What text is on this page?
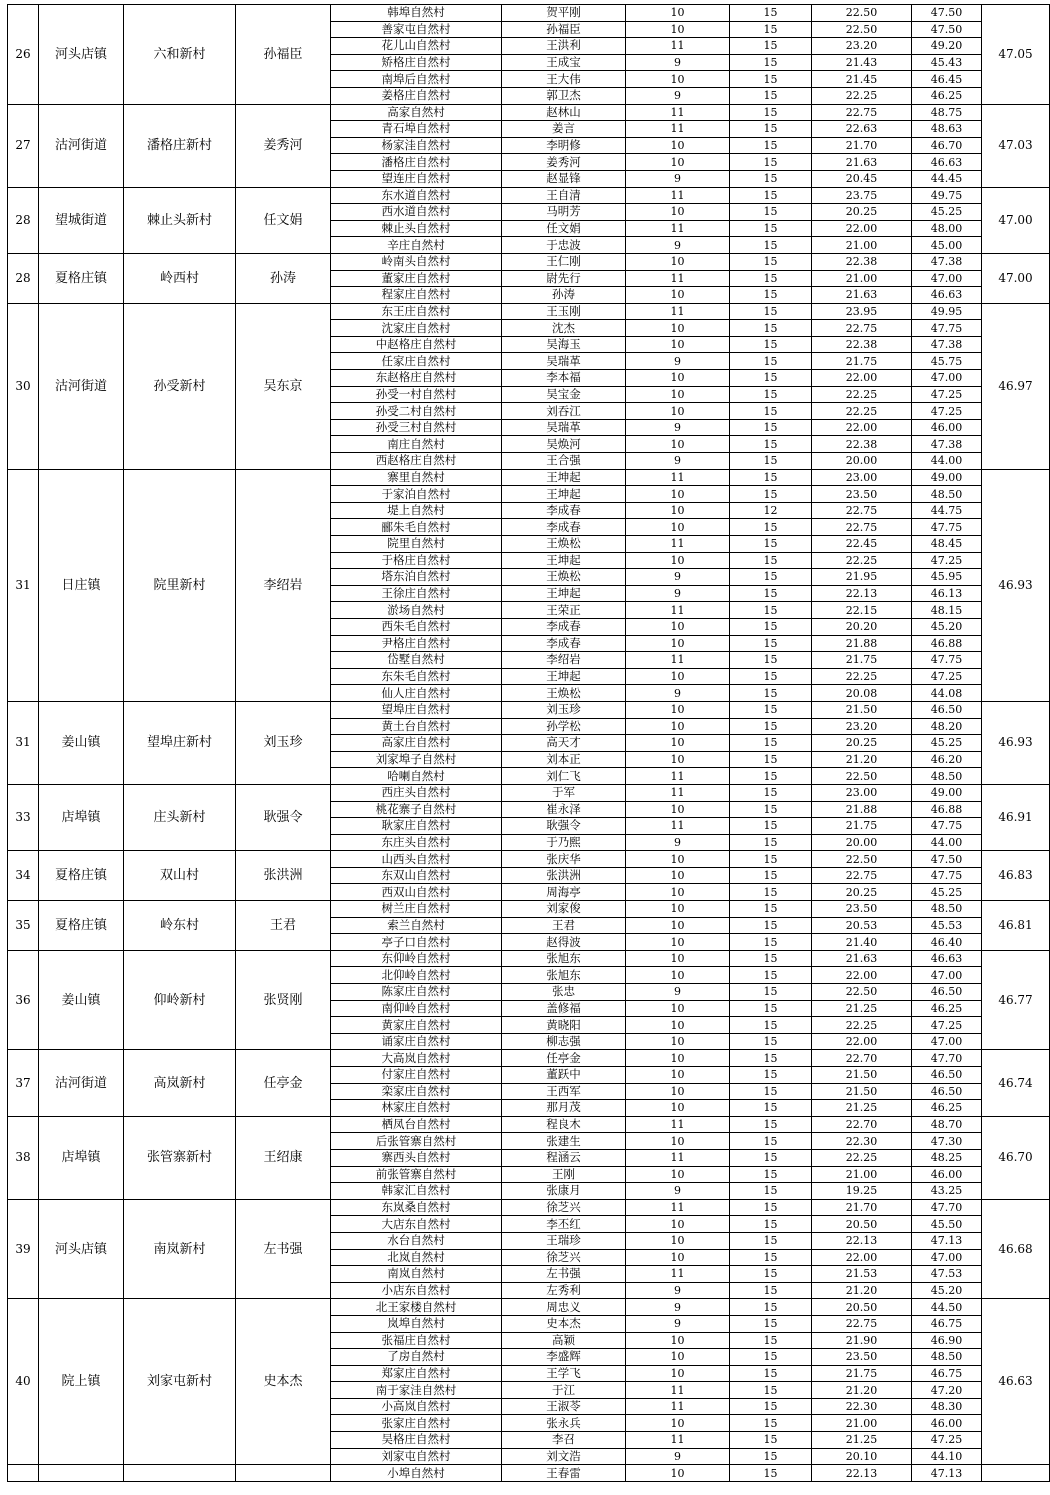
26	河头店镇	六和新村	孙福臣	韩埠自然村	贺平刚	10	15	22.50	47.50	47.05
				善家屯自然村	孙福臣	10	15	22.50	47.50	
				花儿山自然村	王洪利	11	15	23.20	49.20	
				矫格庄自然村	王成宝	9	15	21.43	45.43	
				南埠后自然村	王大伟	10	15	21.45	46.45	
				姜格庄自然村	郭卫杰	9	15	22.25	46.25	
27	沽河街道	潘格庄新村	姜秀河	高家自然村	赵林山	11	15	22.75	48.75	47.03
				青石埠自然村	姜言	11	15	22.63	48.63	
				杨家洼自然村	李明修	10	15	21.70	46.70	
				潘格庄自然村	姜秀河	10	15	21.63	46.63	
				望连庄自然村	赵显锋	9	15	20.45	44.45	
28	望城街道	棘止头新村	任文娟	东水道自然村	王自清	11	15	23.75	49.75	47.00
				西水道自然村	马明芳	10	15	20.25	45.25	
				棘止头自然村	任文娟	11	15	22.00	48.00	
				辛庄自然村	于忠波	9	15	21.00	45.00	
28	夏格庄镇	岭西村	孙涛	岭南头自然村	王仁刚	10	15	22.38	47.38	47.00
				董家庄自然村	尉先行	11	15	21.00	47.00	
				程家庄自然村	孙涛	10	15	21.63	46.63	
30	沽河街道	孙受新村	吴东京	东王庄自然村	王玉刚	11	15	23.95	49.95	46.97
				沈家庄自然村	沈杰	10	15	22.75	47.75	
				中赵格庄自然村	吴海玉	10	15	22.38	47.38	
				任家庄自然村	吴瑞革	9	15	21.75	45.75	
				东赵格庄自然村	李本福	10	15	22.00	47.00	
				孙受一村自然村	吴宝金	10	15	22.25	47.25	
				孙受二村自然村	刘吞江	10	15	22.25	47.25	
				孙受三村自然村	吴瑞革	9	15	22.00	46.00	
				南庄自然村	吴焕河	10	15	22.38	47.38	
				西赵格庄自然村	王合强	9	15	20.00	44.00	
31	日庄镇	院里新村	李绍岩	寨里自然村	王坤起	11	15	23.00	49.00	46.93
				于家泊自然村	王坤起	10	15	23.50	48.50	
				堤上自然村	李成春	10	12	22.75	44.75	
				郦朱毛自然村	李成春	10	15	22.75	47.75	
				院里自然村	王焕松	11	15	22.45	48.45	
				于格庄自然村	王坤起	10	15	22.25	47.25	
				塔东泊自然村	王焕松	9	15	21.95	45.95	
				王徐庄自然村	王坤起	9	15	22.13	46.13	
				淤场自然村	王荣正	11	15	22.15	48.15	
				西朱毛自然村	李成春	10	15	20.20	45.20	
				尹格庄自然村	李成春	10	15	21.88	46.88	
				岱墅自然村	李绍岩	11	15	21.75	47.75	
				东朱毛自然村	王坤起	10	15	22.25	47.25	
				仙人庄自然村	王焕松	9	15	20.08	44.08	
31	姜山镇	望埠庄新村	刘玉珍	望埠庄自然村	刘玉珍	10	15	21.50	46.50	46.93
				黄土台自然村	孙学松	10	15	23.20	48.20	
				高家庄自然村	高天才	10	15	20.25	45.25	
				刘家埠子自然村	刘本正	10	15	21.20	46.20	
				哈喇自然村	刘仁飞	11	15	22.50	48.50	
33	店埠镇	庄头新村	耿强令	西庄头自然村	于军	11	15	23.00	49.00	46.91
				桃花寨子自然村	崔永泽	10	15	21.88	46.88	
				耿家庄自然村	耿强令	11	15	21.75	47.75	
				东庄头自然村	于乃熙	9	15	20.00	44.00	
34	夏格庄镇	双山村	张洪洲	山西头自然村	张庆华	10	15	22.50	47.50	46.83
				东双山自然村	张洪洲	10	15	22.75	47.75	
				西双山自然村	周海亭	10	15	20.25	45.25	
35	夏格庄镇	岭东村	王君	树兰庄自然村	刘家俊	10	15	23.50	48.50	46.81
				索兰自然村	王君	10	15	20.53	45.53	
				亭子口自然村	赵得波	10	15	21.40	46.40	
36	姜山镇	仰岭新村	张贤刚	东仰岭自然村	张旭东	10	15	21.63	46.63	46.77
				北仰岭自然村	张旭东	10	15	22.00	47.00	
				陈家庄自然村	张忠	9	15	22.50	46.50	
				南仰岭自然村	盖修福	10	15	21.25	46.25	
				黄家庄自然村	黄晓阳	10	15	22.25	47.25	
				诵家庄自然村	柳志强	10	15	22.00	47.00	
37	沽河街道	高岚新村	任亭金	大高岚自然村	任亭金	10	15	22.70	47.70	46.74
				付家庄自然村	董跃中	10	15	21.50	46.50	
				栾家庄自然村	王西军	10	15	21.50	46.50	
				林家庄自然村	那月茂	10	15	21.25	46.25	
38	店埠镇	张管寨新村	王绍康	栖凤台自然村	程良木	11	15	22.70	48.70	46.70
				后张管寨自然村	张建生	10	15	22.30	47.30	
				寨西头自然村	程涵云	11	15	22.25	48.25	
				前张管寨自然村	王刚	10	15	21.00	46.00	
				韩家汇自然村	张康月	9	15	19.25	43.25	
39	河头店镇	南岚新村	左书强	东岚桑自然村	徐芝兴	11	15	21.70	47.70	46.68
				大店东自然村	李丕红	10	15	20.50	45.50	
				水台自然村	王瑞珍	10	15	22.13	47.13	
				北岚自然村	徐芝兴	10	15	22.00	47.00	
				南岚自然村	左书强	11	15	21.53	47.53	
				小店东自然村	左秀利	9	15	21.20	45.20	
40	院上镇	刘家屯新村	史本杰	北王家楼自然村	周忠义	9	15	20.50	44.50	46.63
				岚埠自然村	史本杰	9	15	22.75	46.75	
				张福庄自然村	高颖	10	15	21.90	46.90	
				了房自然村	李盛辉	10	15	23.50	48.50	
				郑家庄自然村	王学飞	10	15	21.75	46.75	
				南于家洼自然村	于江	11	15	21.20	47.20	
				小高岚自然村	王淑苓	11	15	22.30	48.30	
				张家庄自然村	张永兵	10	15	21.00	46.00	
				吴格庄自然村	李召	11	15	21.25	47.25	
				刘家屯自然村	刘文浩	9	15	20.10	44.10	
				小埠自然村	王春雷	10	15	22.13	47.13	
